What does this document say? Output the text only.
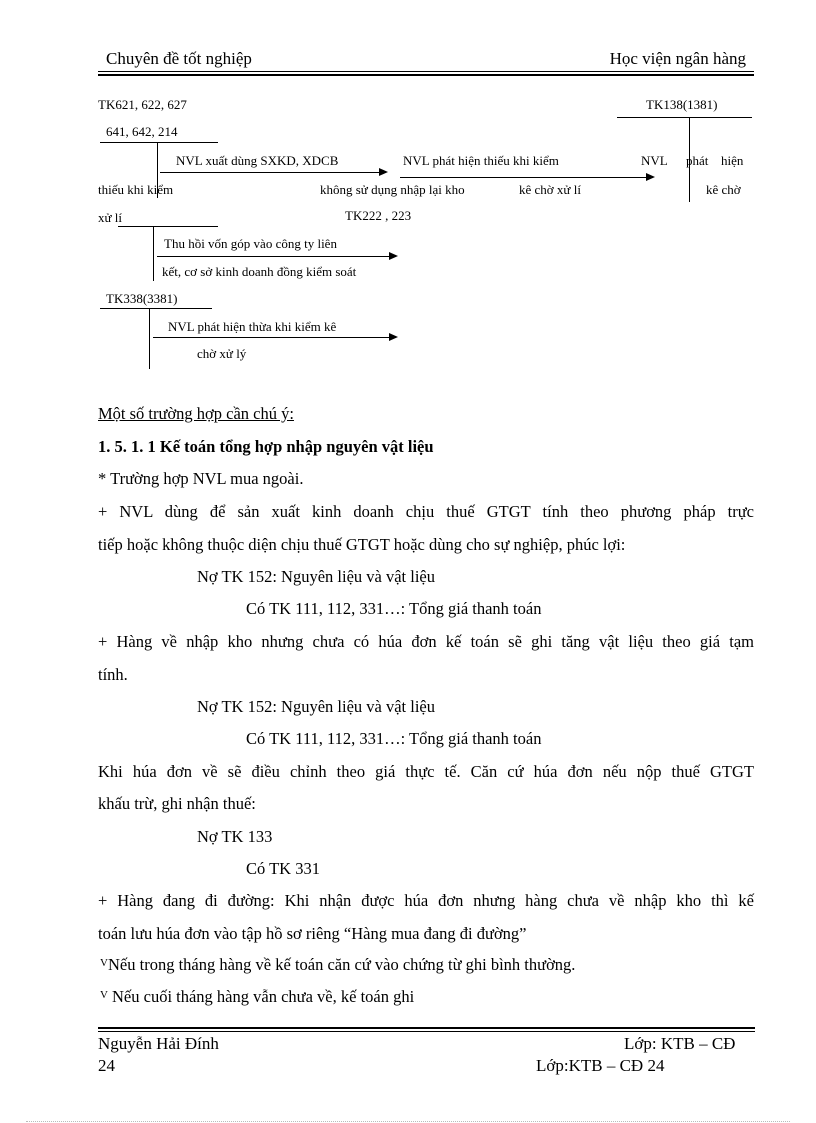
Chuyên đề tốt nghiệp	Học viện ngân hàng
TK621, 622, 627
641, 642, 214
TK138(1381)
NVL xuất dùng SXKD, XDCB
không sử dụng nhập lại kho
NVL phát hiện thiếu khi kiểm
kê chờ xử lí
NVL phát hiện
kê chờ
thiếu khi kiểm
xử lí	TK222 , 223
Thu hồi vốn góp vào công ty liên
kết, cơ sở kinh doanh đồng kiểm soát
TK338(3381)
NVL phát hiện thừa khi kiểm kê
chờ xử lý
Một số trường hợp cần chú ý:
1. 5. 1. 1 Kế toán tổng hợp nhập nguyên vật liệu
* Trường hợp NVL mua ngoài.
+ NVL dùng để sản xuất kinh doanh chịu thuế GTGT tính theo phương pháp trực
tiếp hoặc không thuộc diện chịu thuế GTGT hoặc dùng cho sự nghiệp, phúc lợi:
Nợ TK 152: Nguyên liệu và vật liệu
Có TK 111, 112, 331…: Tổng giá thanh toán
+ Hàng về nhập kho nhưng chưa có húa đơn kế toán sẽ ghi tăng vật liệu theo giá tạm
tính.
Nợ TK 152: Nguyên liệu và vật liệu
Có TK 111, 112, 331…: Tổng giá thanh toán
Khi húa đơn về sẽ điều chỉnh theo giá thực tế. Căn cứ húa đơn nếu nộp thuế GTGT
khấu trừ, ghi nhận thuế:
Nợ TK 133
Có TK 331
+ Hàng đang đi đường: Khi nhận được húa đơn nhưng hàng chưa về nhập kho thì kế
toán lưu húa đơn vào tập hồ sơ riêng “Hàng mua đang đi đường”
V Nếu trong tháng hàng về kế toán căn cứ vào chứng từ ghi bình thường.
V Nếu cuối tháng hàng vẫn chưa về, kế toán ghi
Nguyễn Hải Đính	Lớp: KTB – CĐ
24	Lớp:KTB – CĐ 24
